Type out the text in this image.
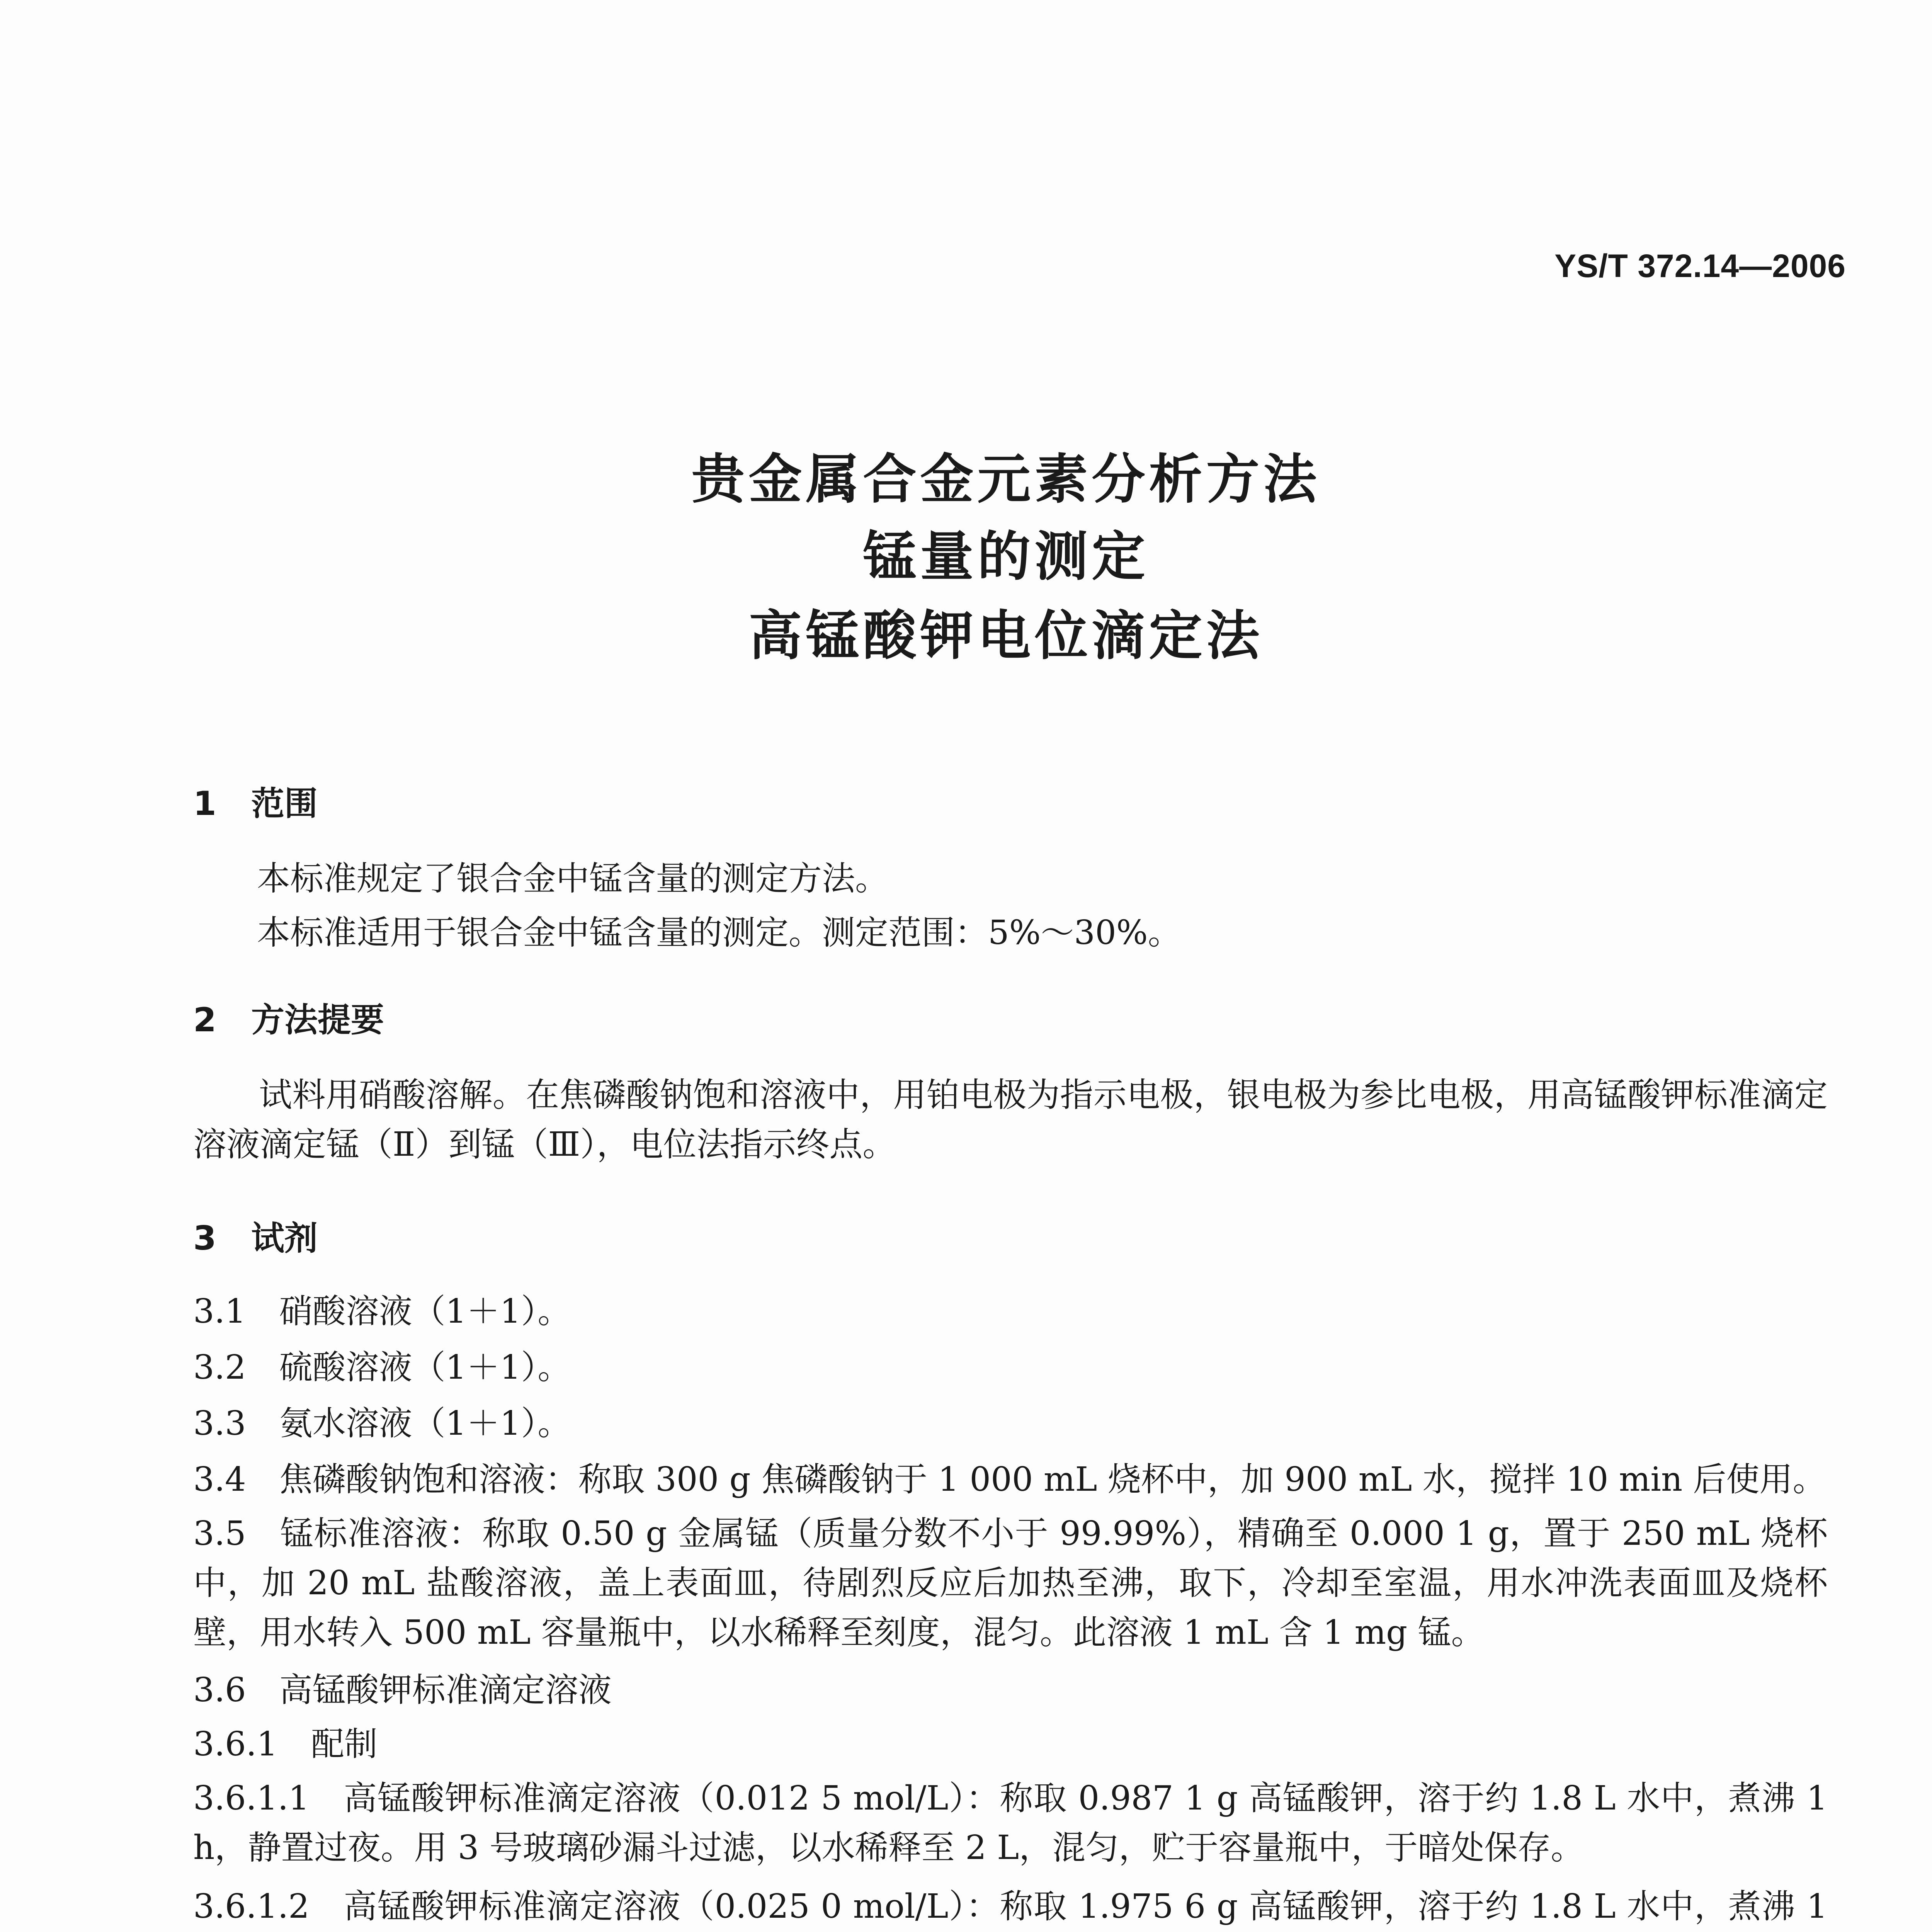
YS/T 372.14—2006
贵金属合金元素分析方法
锰量的测定
高锰酸钾电位滴定法
1 范围
本标准规定了银合金中锰含量的测定方法。
本标准适用于银合金中锰含量的测定。测定范围：5%～30%。
2 方法提要
试料用硝酸溶解。在焦磷酸钠饱和溶液中，用铂电极为指示电极，银电极为参比电极，用高锰酸钾标准滴定溶液滴定锰（Ⅱ）到锰（Ⅲ），电位法指示终点。
3 试剂
3.1　硝酸溶液（1＋1）。
3.2　硫酸溶液（1＋1）。
3.3　氨水溶液（1＋1）。
3.4　焦磷酸钠饱和溶液：称取 300 g 焦磷酸钠于 1 000 mL 烧杯中，加 900 mL 水，搅拌 10 min 后使用。
3.5　锰标准溶液：称取 0.50 g 金属锰（质量分数不小于 99.99%），精确至 0.000 1 g，置于 250 mL 烧杯中，加 20 mL 盐酸溶液，盖上表面皿，待剧烈反应后加热至沸，取下，冷却至室温，用水冲洗表面皿及烧杯壁，用水转入 500 mL 容量瓶中，以水稀释至刻度，混匀。此溶液 1 mL 含 1 mg 锰。
3.6　高锰酸钾标准滴定溶液
3.6.1　配制
3.6.1.1　高锰酸钾标准滴定溶液（0.012 5 mol/L）：称取 0.987 1 g 高锰酸钾，溶于约 1.8 L 水中，煮沸 1 h，静置过夜。用 3 号玻璃砂漏斗过滤，以水稀释至 2 L，混匀，贮于容量瓶中，于暗处保存。
3.6.1.2　高锰酸钾标准滴定溶液（0.025 0 mol/L）：称取 1.975 6 g 高锰酸钾，溶于约 1.8 L 水中，煮沸 1
